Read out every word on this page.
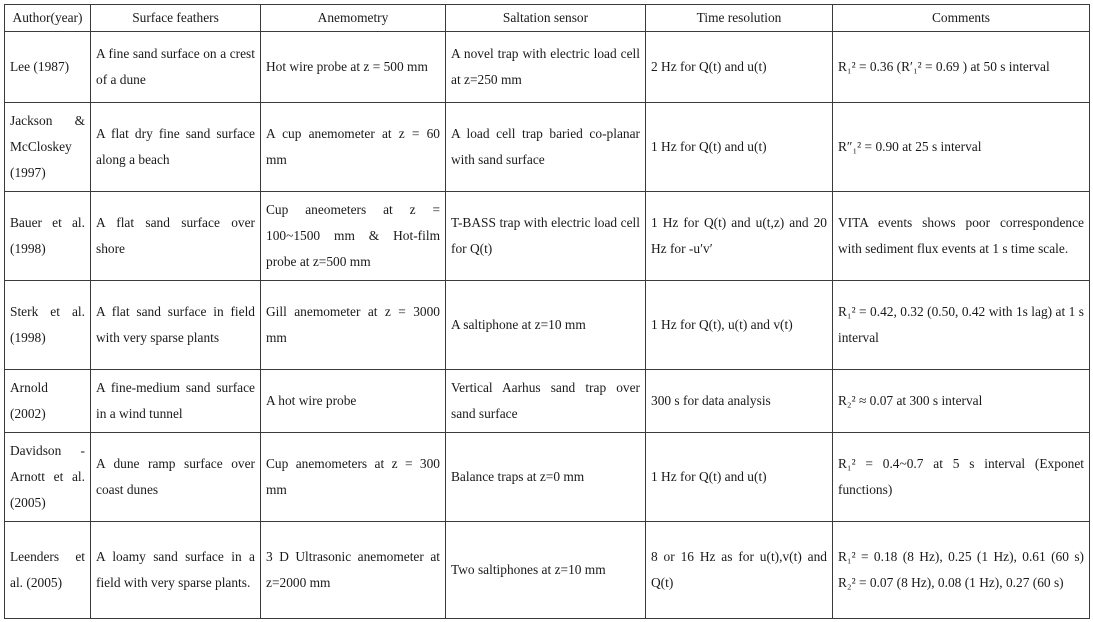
Author(year)	Surface feathers	Anemometry	Saltation sensor	Time resolution	Comments
Lee (1987)	A fine sand surface on a crest of a dune	Hot wire probe at z = 500 mm	A novel trap with electric load cell at z=250 mm	2 Hz for Q(t) and u(t)	R₁² = 0.36 (R′₁² = 0.69 ) at 50 s interval
Jackson & McCloskey (1997)	A flat dry fine sand surface along a beach	A cup anemometer at z = 60 mm	A load cell trap baried co-planar with sand surface	1 Hz for Q(t) and u(t)	R″₁² = 0.90 at 25 s interval
Bauer et al. (1998)	A flat sand surface over shore	Cup aneometers at z = 100~1500 mm & Hot-film probe at z=500 mm	T-BASS trap with electric load cell for Q(t)	1 Hz for Q(t) and u(t,z) and 20 Hz for -u′v′	VITA events shows poor correspondence with sediment flux events at 1 s time scale.
Sterk et al. (1998)	A flat sand surface in field with very sparse plants	Gill anemometer at z = 3000 mm	A saltiphone at z=10 mm	1 Hz for Q(t), u(t) and v(t)	R₁² = 0.42, 0.32 (0.50, 0.42 with 1s lag) at 1 s interval
Arnold (2002)	A fine-medium sand surface in a wind tunnel	A hot wire probe	Vertical Aarhus sand trap over sand surface	300 s for data analysis	R₂² ≈ 0.07 at 300 s interval
Davidson - Arnott et al. (2005)	A dune ramp surface over coast dunes	Cup anemometers at z = 300 mm	Balance traps at z=0 mm	1 Hz for Q(t) and u(t)	R₁² = 0.4~0.7 at 5 s interval (Exponet functions)
Leenders et al. (2005)	A loamy sand surface in a field with very sparse plants.	3 D Ultrasonic anemometer at z=2000 mm	Two saltiphones at z=10 mm	8 or 16 Hz as for u(t),v(t) and Q(t)	R₁² = 0.18 (8 Hz), 0.25 (1 Hz), 0.61 (60 s) R₂² = 0.07 (8 Hz), 0.08 (1 Hz), 0.27 (60 s)
